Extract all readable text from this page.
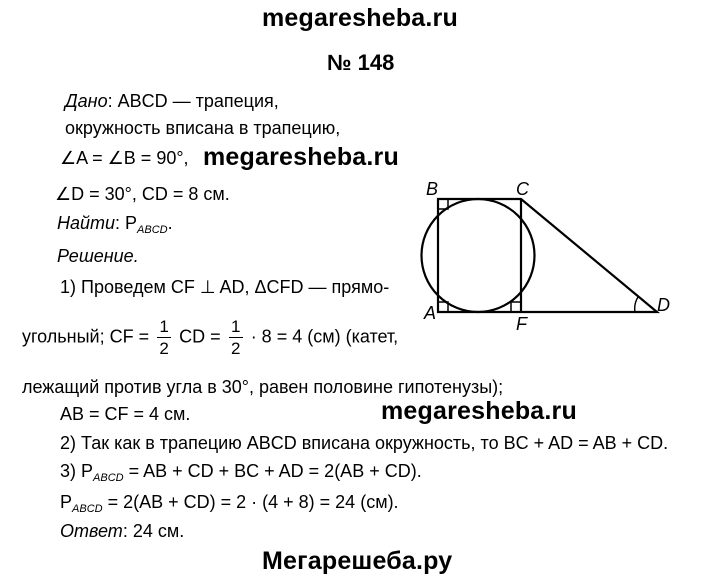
megaresheba.ru
№ 148
Дано: ABCD — трапеция,
окружность вписана в трапецию,
∠A = ∠B = 90°, megaresheba.ru
∠D = 30°, CD = 8 см.
Найти: $P_{ABCD}$.
Решение.
1) Проведем CF ⊥ AD, ΔCFD — прямо-
угольный; CF = $\frac{1}{2}$ CD = $\frac{1}{2} \cdot 8 = 4$ (см) (катет,
лежащий против угла в 30°, равен половине гипотенузы);
AB = CF = 4 см.	megaresheba.ru
2) Так как в трапецию ABCD вписана окружность, то BC + AD = AB + CD.
3) $P_{ABCD}$ = AB + CD + BC + AD = 2(AB + CD).
$P_{ABCD} = 2(AB + CD) = 2 \cdot (4 + 8) = 24$ (см).
Ответ: 24 см.
Мегарешеба.ру
B	C
A
F
D
